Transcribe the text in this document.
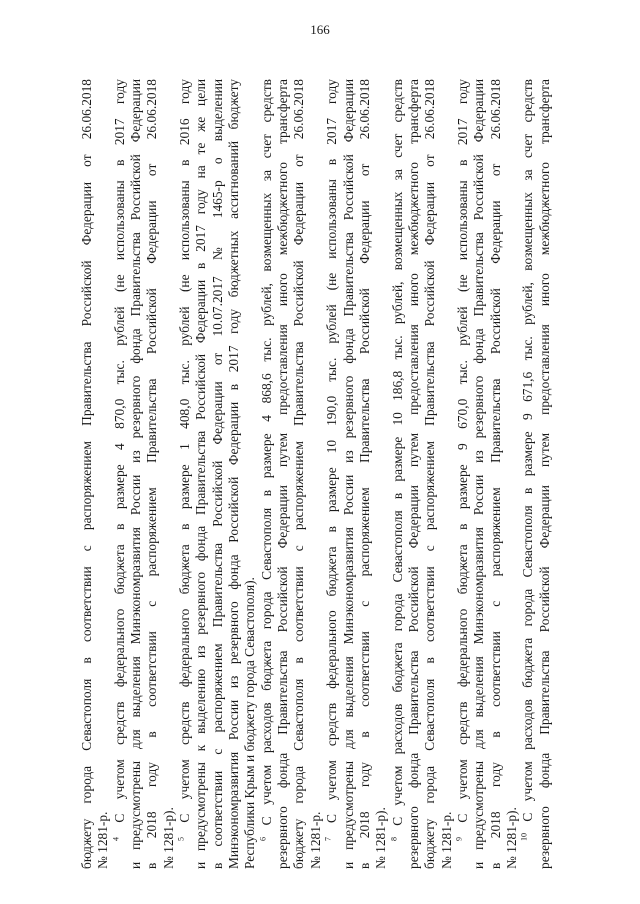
166
бюджету города Севастополя в соответствии с распоряжением Правительства Российской Федерации от 26.06.2018 № 1281-р. $^4$ С учетом средств федерального бюджета в размере 4 870,0 тыс. рублей (не использованы в 2017 году и предусмотрены для выделения Минэкономразвития России из резервного фонда Правительства Российской Федерации в 2018 году в соответствии с распоряжением Правительства Российской Федерации от 26.06.2018 № 1281-р). $^5$ С учетом средств федерального бюджета в размере 1 408,0 тыс. рублей (не использованы в 2016 году и предусмотрены к выделению из резервного фонда Правительства Российской Федерации в 2017 году на те же цели в соответствии с распоряжением Правительства Российской Федерации от 10.07.2017 № 1465-р о выделении Минэкономразвития России из резервного фонда Российской Федерации в 2017 году бюджетных ассигнований бюджету Республики Крым и бюджету города Севастополя). $^6$ С учетом расходов бюджета города Севастополя в размере 4 868,6 тыс. рублей, возмещенных за счет средств резервного фонда Правительства Российской Федерации путем предоставления иного межбюджетного трансферта бюджету города Севастополя в соответствии с распоряжением Правительства Российской Федерации от 26.06.2018 № 1281-р. $^7$ С учетом средств федерального бюджета в размере 10 190,0 тыс. рублей (не использованы в 2017 году и предусмотрены для выделения Минэкономразвития России из резервного фонда Правительства Российской Федерации в 2018 году в соответствии с распоряжением Правительства Российской Федерации от 26.06.2018 № 1281-р). $^8$ С учетом расходов бюджета города Севастополя в размере 10 186,8 тыс. рублей, возмещенных за счет средств резервного фонда Правительства Российской Федерации путем предоставления иного межбюджетного трансферта бюджету города Севастополя в соответствии с распоряжением Правительства Российской Федерации от 26.06.2018 № 1281-р. $^9$ С учетом средств федерального бюджета в размере 9 670,0 тыс. рублей (не использованы в 2017 году и предусмотрены для выделения Минэкономразвития России из резервного фонда Правительства Российской Федерации в 2018 году в соответствии с распоряжением Правительства Российской Федерации от 26.06.2018 № 1281-р). $^{10}$ С учетом расходов бюджета города Севастополя в размере 9 671,6 тыс. рублей, возмещенных за счет средств резервного фонда Правительства Российской Федерации путем предоставления иного межбюджетного трансферта
